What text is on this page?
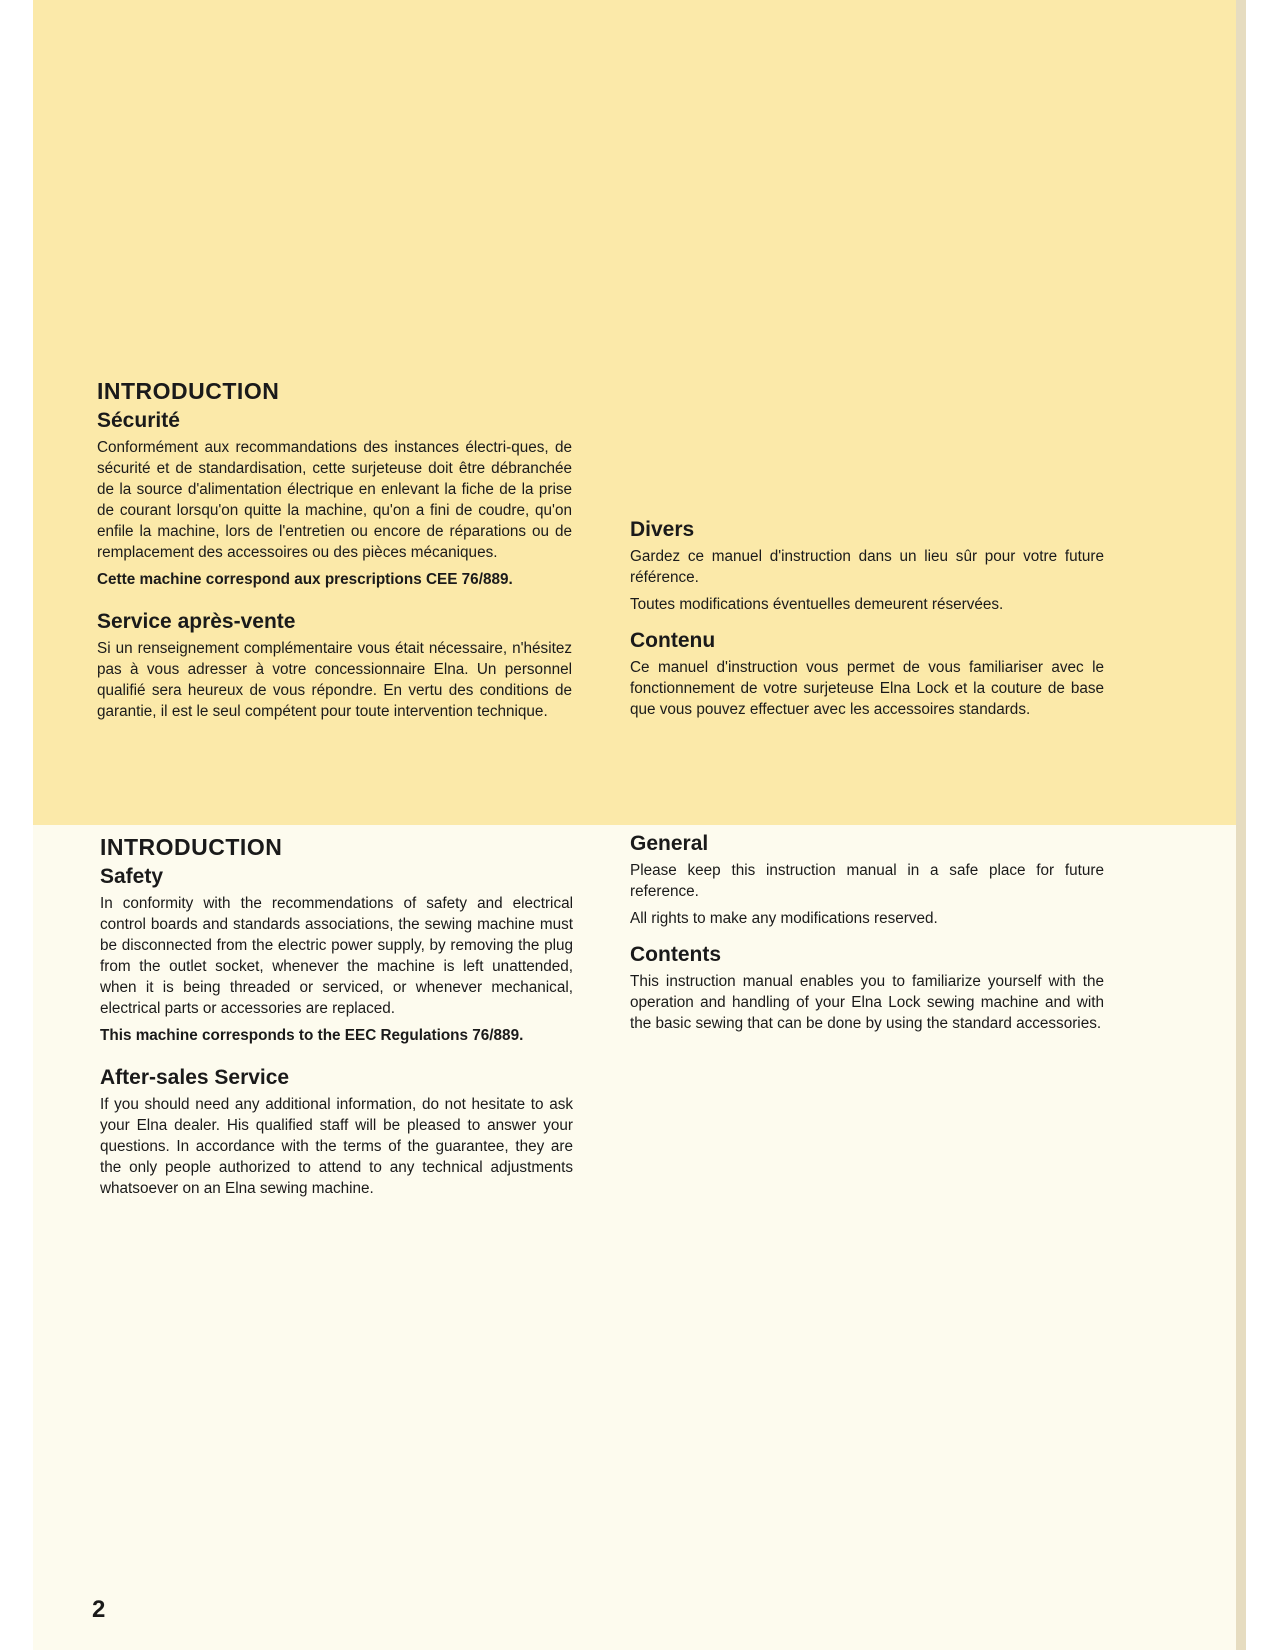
INTRODUCTION
Sécurité

Conformément aux recommandations des instances électri-ques, de sécurité et de standardisation, cette surjeteuse doit être débranchée de la source d'alimentation électrique en enlevant la fiche de la prise de courant lorsqu'on quitte la machine, qu'on a fini de coudre, qu'on enfile la machine, lors de l'entretien ou encore de réparations ou de remplacement des accessoires ou des pièces mécaniques.

Cette machine correspond aux prescriptions CEE 76/889.

Service après-vente

Si un renseignement complémentaire vous était nécessaire, n'hésitez pas à vous adresser à votre concessionnaire Elna. Un personnel qualifié sera heureux de vous répondre. En vertu des conditions de garantie, il est le seul compétent pour toute intervention technique.

Divers

Gardez ce manuel d'instruction dans un lieu sûr pour votre future référence.

Toutes modifications éventuelles demeurent réservées.

Contenu

Ce manuel d'instruction vous permet de vous familiariser avec le fonctionnement de votre surjeteuse Elna Lock et la couture de base que vous pouvez effectuer avec les accessoires standards.

INTRODUCTION
Safety

In conformity with the recommendations of safety and electrical control boards and standards associations, the sewing machine must be disconnected from the electric power supply, by removing the plug from the outlet socket, whenever the machine is left unattended, when it is being threaded or serviced, or whenever mechanical, electrical parts or accessories are replaced.

This machine corresponds to the EEC Regulations 76/889.

After-sales Service

If you should need any additional information, do not hesitate to ask your Elna dealer. His qualified staff will be pleased to answer your questions. In accordance with the terms of the guarantee, they are the only people authorized to attend to any technical adjustments whatsoever on an Elna sewing machine.

General

Please keep this instruction manual in a safe place for future reference.

All rights to make any modifications reserved.

Contents

This instruction manual enables you to familiarize yourself with the operation and handling of your Elna Lock sewing machine and with the basic sewing that can be done by using the standard accessories.

2
